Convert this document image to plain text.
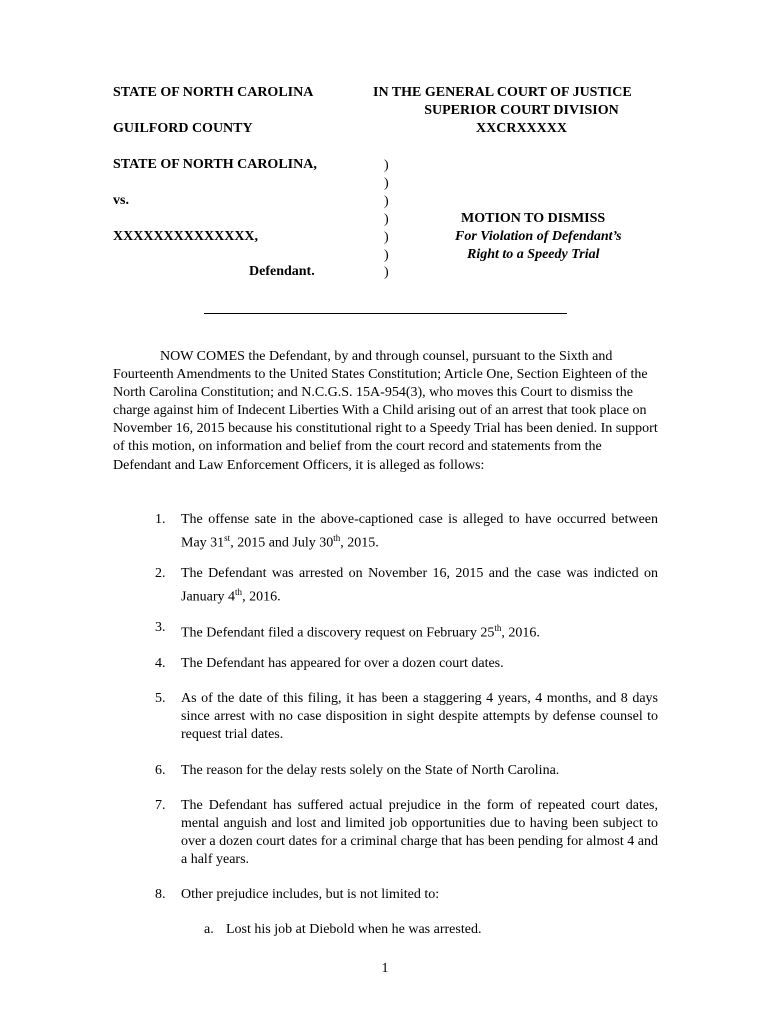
STATE OF NORTH CAROLINA
GUILFORD COUNTY
IN THE GENERAL COURT OF JUSTICE
SUPERIOR COURT DIVISION
XXCRXXXXX
STATE OF NORTH CAROLINA,
vs.
XXXXXXXXXXXXXX,
Defendant.
)
)
)
)
)
)
)
MOTION TO DISMISS
For Violation of Defendant’s
Right to a Speedy Trial
NOW COMES the Defendant, by and through counsel, pursuant to the Sixth and
Fourteenth Amendments to the United States Constitution; Article One, Section Eighteen of the North Carolina Constitution; and N.C.G.S. 15A-954(3), who moves this Court to dismiss the charge against him of Indecent Liberties With a Child arising out of an arrest that took place on November 16, 2015 because his constitutional right to a Speedy Trial has been denied. In support of this motion, on information and belief from the court record and statements from the Defendant and Law Enforcement Officers, it is alleged as follows:
1.	The offense sate in the above-captioned case is alleged to have occurred between May 31st, 2015 and July 30th, 2015.
2.	The Defendant was arrested on November 16, 2015 and the case was indicted on January 4th, 2016.
3.	The Defendant filed a discovery request on February 25th, 2016.
4.	The Defendant has appeared for over a dozen court dates.
5.	As of the date of this filing, it has been a staggering 4 years, 4 months, and 8 days since arrest with no case disposition in sight despite attempts by defense counsel to request trial dates.
6.	The reason for the delay rests solely on the State of North Carolina.
7.	The Defendant has suffered actual prejudice in the form of repeated court dates, mental anguish and lost and limited job opportunities due to having been subject to over a dozen court dates for a criminal charge that has been pending for almost 4 and a half years.
8.	Other prejudice includes, but is not limited to:
a. Lost his job at Diebold when he was arrested.
1
